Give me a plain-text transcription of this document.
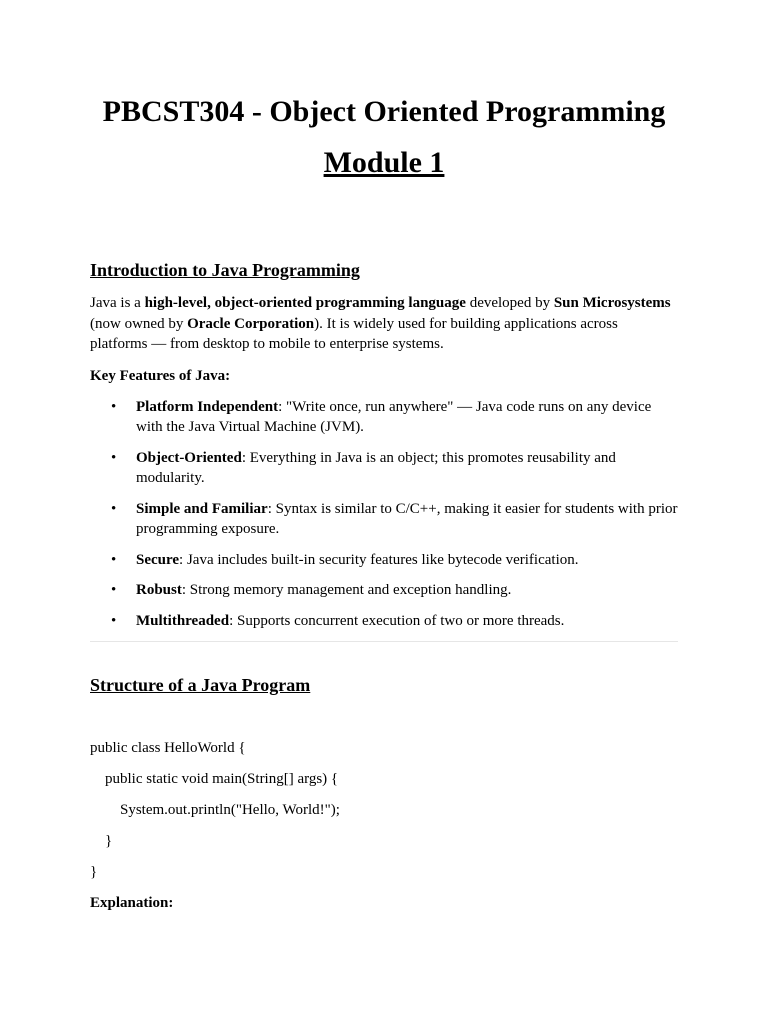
PBCST304 - Object Oriented Programming
Module 1
Introduction to Java Programming

Java is a high-level, object-oriented programming language developed by Sun Microsystems (now owned by Oracle Corporation). It is widely used for building applications across platforms — from desktop to mobile to enterprise systems.

Key Features of Java:

• Platform Independent: "Write once, run anywhere" — Java code runs on any device with the Java Virtual Machine (JVM).
• Object-Oriented: Everything in Java is an object; this promotes reusability and modularity.
• Simple and Familiar: Syntax is similar to C/C++, making it easier for students with prior programming exposure.
• Secure: Java includes built-in security features like bytecode verification.
• Robust: Strong memory management and exception handling.
• Multithreaded: Supports concurrent execution of two or more threads.
Structure of a Java Program
public class HelloWorld {
public static void main(String[] args) {
System.out.println("Hello, World!");
}
}

Explanation:
